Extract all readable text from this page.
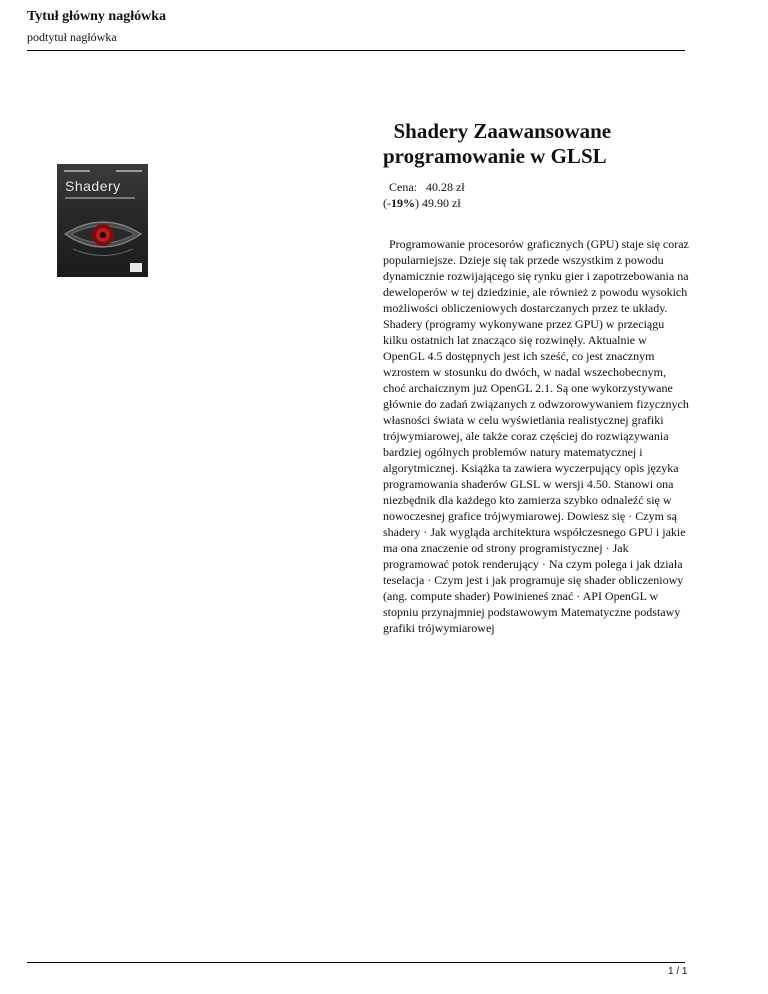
Tytuł główny nagłówka
podtytuł nagłówka
Shadery
Shadery Zaawansowane
programowanie w GLSL
Cena: 40.28 zł
(-19%) 49.90 zł
Programowanie procesorów graficznych (GPU) staje się coraz popularniejsze. Dzieje się tak przede wszystkim z powodu dynamicznie rozwijającego się rynku gier i zapotrzebowania na deweloperów w tej dziedzinie, ale również z powodu wysokich możliwości obliczeniowych dostarczanych przez te układy. Shadery (programy wykonywane przez GPU) w przeciągu kilku ostatnich lat znacząco się rozwinęły. Aktualnie w OpenGL 4.5 dostępnych jest ich sześć, co jest znacznym wzrostem w stosunku do dwóch, w nadal wszechobecnym, choć archaicznym już OpenGL 2.1. Są one wykorzystywane głównie do zadań związanych z odwzorowywaniem fizycznych własności świata w celu wyświetlania realistycznej grafiki trójwymiarowej, ale także coraz częściej do rozwiązywania bardziej ogólnych problemów natury matematycznej i algorytmicznej. Książka ta zawiera wyczerpujący opis języka programowania shaderów GLSL w wersji 4.50. Stanowi ona niezbędnik dla każdego kto zamierza szybko odnaleźć się w nowoczesnej grafice trójwymiarowej. Dowiesz się · Czym są shadery · Jak wygląda architektura współczesnego GPU i jakie ma ona znaczenie od strony programistycznej · Jak programować potok renderujący · Na czym polega i jak działa teselacja · Czym jest i jak programuje się shader obliczeniowy (ang. compute shader) Powinieneś znać · API OpenGL w stopniu przynajmniej podstawowym Matematyczne podstawy grafiki trójwymiarowej
1 / 1
